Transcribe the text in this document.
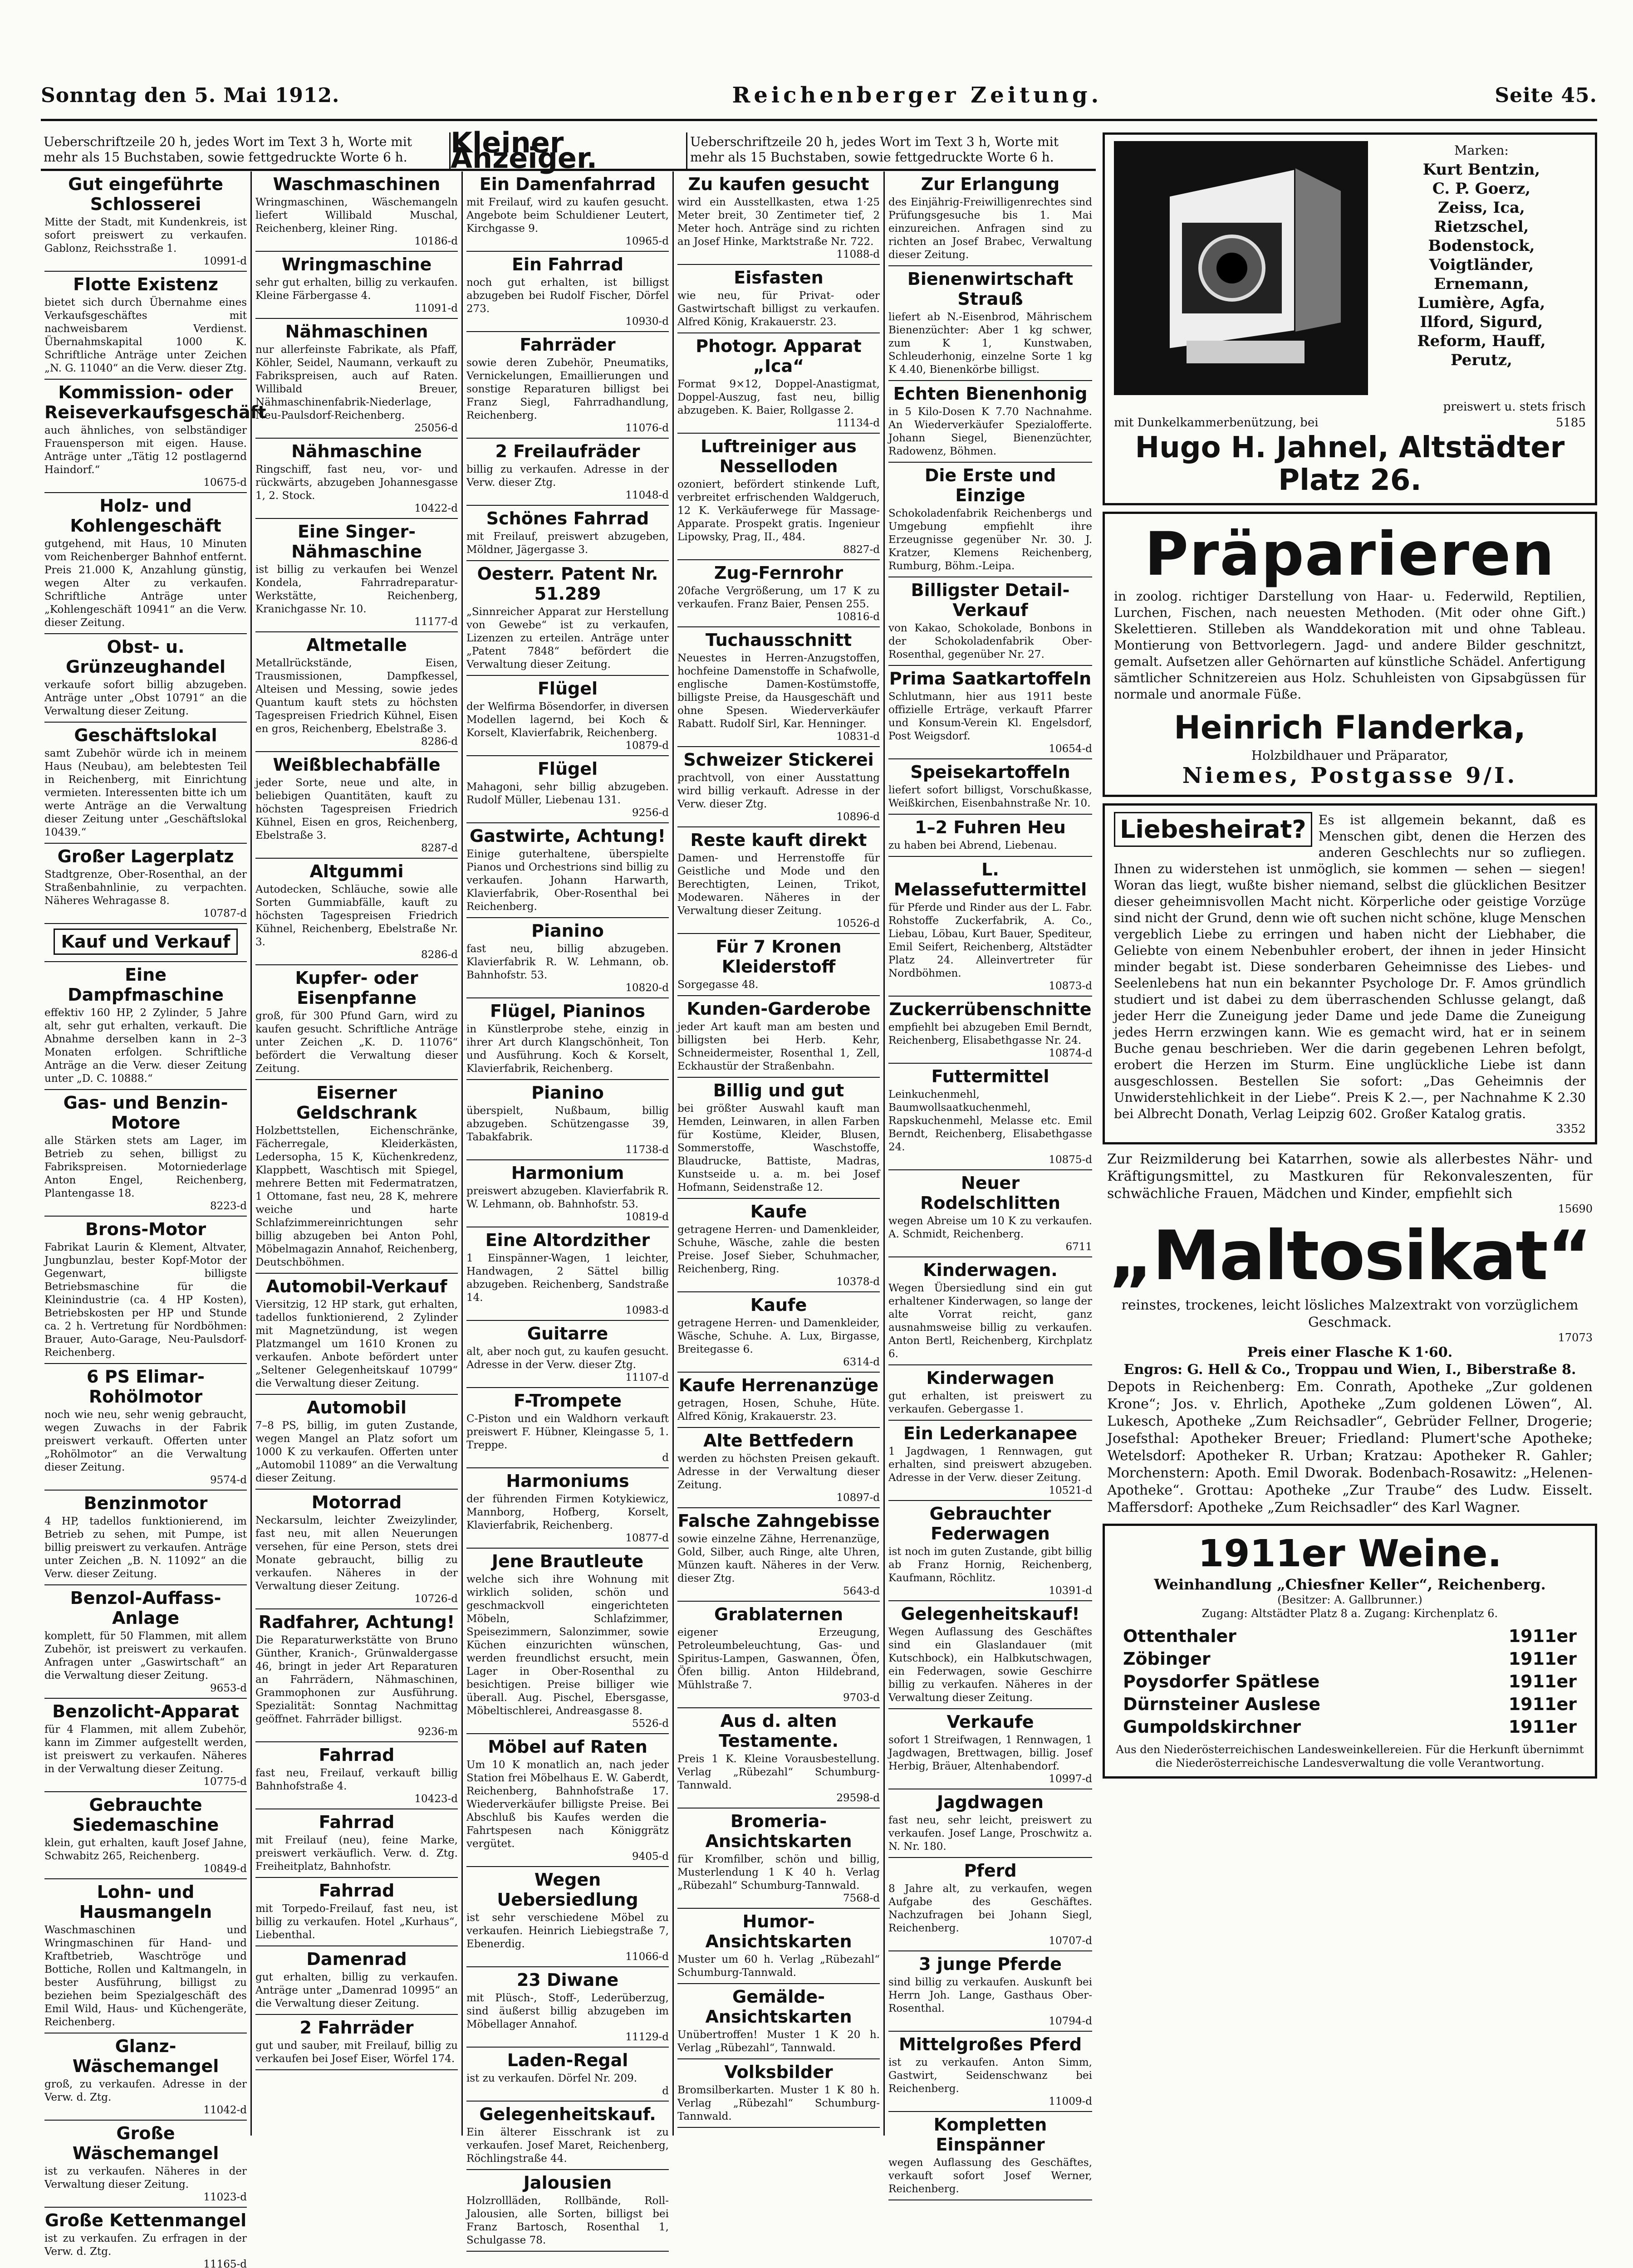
Sonntag den 5. Mai 1912.	Reichenberger Zeitung.	Seite 45.
Ueberschriftzeile 20 h, jedes Wort im Text 3 h, Worte mit mehr als 15 Buchstaben, sowie fettgedruckte Worte 6 h.	Kleiner Anzeiger.	Ueberschriftzeile 20 h, jedes Wort im Text 3 h, Worte mit mehr als 15 Buchstaben, sowie fettgedruckte Worte 6 h.
Gut eingeführte Schlosserei

Mitte der Stadt, mit Kundenkreis, ist sofort preiswert zu verkaufen. Gablonz, Reichsstraße 1.

10991-d
Flotte Existenz

bietet sich durch Übernahme eines Verkaufsgeschäftes mit nachweisbarem Verdienst. Übernahmskapital 1000 K. Schriftliche Anträge unter Zeichen „N. G. 11040“ an die Verw. dieser Ztg.

Kommission- oder Reiseverkaufsgeschäft

auch ähnliches, von selbständiger Frauensperson mit eigen. Hause. Anträge unter „Tätig 12 postlagernd Haindorf.“

10675-d
Holz- und Kohlengeschäft

gutgehend, mit Haus, 10 Minuten vom Reichenberger Bahnhof entfernt. Preis 21.000 K, Anzahlung günstig, wegen Alter zu verkaufen. Schriftliche Anträge unter „Kohlengeschäft 10941“ an die Verw. dieser Zeitung.

Obst- u. Grünzeughandel

verkaufe sofort billig abzugeben. Anträge unter „Obst 10791“ an die Verwaltung dieser Zeitung.

Geschäftslokal

samt Zubehör würde ich in meinem Haus (Neubau), am belebtesten Teil in Reichenberg, mit Einrichtung vermieten. Interessenten bitte ich um werte Anträge an die Verwaltung dieser Zeitung unter „Geschäftslokal 10439.“

Großer Lagerplatz

Stadtgrenze, Ober-Rosenthal, an der Straßenbahnlinie, zu verpachten. Näheres Wehragasse 8.

10787-d
Kauf und Verkauf
Eine Dampfmaschine

effektiv 160 HP, 2 Zylinder, 5 Jahre alt, sehr gut erhalten, verkauft. Die Abnahme derselben kann in 2–3 Monaten erfolgen. Schriftliche Anträge an die Verw. dieser Zeitung unter „D. C. 10888.“

Gas- und Benzin-Motore

alle Stärken stets am Lager, im Betrieb zu sehen, billigst zu Fabrikspreisen. Motorniederlage Anton Engel, Reichenberg, Plantengasse 18.

8223-d
Brons-Motor

Fabrikat Laurin & Klement, Altvater, Jungbunzlau, bester Kopf-Motor der Gegenwart, billigste Betriebsmaschine für die Kleinindustrie (ca. 4 HP Kosten), Betriebskosten per HP und Stunde ca. 2 h. Vertretung für Nordböhmen: Brauer, Auto-Garage, Neu-Paulsdorf-Reichenberg.

6 PS Elimar-Rohölmotor

noch wie neu, sehr wenig gebraucht, wegen Zuwachs in der Fabrik preiswert verkauft. Offerten unter „Rohölmotor“ an die Verwaltung dieser Zeitung.

9574-d
Benzinmotor

4 HP, tadellos funktionierend, im Betrieb zu sehen, mit Pumpe, ist billig preiswert zu verkaufen. Anträge unter Zeichen „B. N. 11092“ an die Verw. dieser Zeitung.

Benzol-Auffass-Anlage

komplett, für 50 Flammen, mit allem Zubehör, ist preiswert zu verkaufen. Anfragen unter „Gaswirtschaft“ an die Verwaltung dieser Zeitung.

9653-d
Benzolicht-Apparat

für 4 Flammen, mit allem Zubehör, kann im Zimmer aufgestellt werden, ist preiswert zu verkaufen. Näheres in der Verwaltung dieser Zeitung.

10775-d
Gebrauchte Siedemaschine

klein, gut erhalten, kauft Josef Jahne, Schwabitz 265, Reichenberg.

10849-d
Lohn- und Hausmangeln

Waschmaschinen und Wringmaschinen für Hand- und Kraftbetrieb, Waschtröge und Bottiche, Rollen und Kaltmangeln, in bester Ausführung, billigst zu beziehen beim Spezialgeschäft des Emil Wild, Haus- und Küchengeräte, Reichenberg.

Glanz-Wäschemangel

groß, zu verkaufen. Adresse in der Verw. d. Ztg.

11042-d
Große Wäschemangel

ist zu verkaufen. Näheres in der Verwaltung dieser Zeitung.

11023-d
Große Kettenmangel

ist zu verkaufen. Zu erfragen in der Verw. d. Ztg.

11165-d
Waschmaschinen

Wringmaschinen, Wäschemangeln liefert Willibald Muschal, Reichenberg, kleiner Ring.

10186-d
Wringmaschine

sehr gut erhalten, billig zu verkaufen. Kleine Färbergasse 4.

11091-d
Nähmaschinen

nur allerfeinste Fabrikate, als Pfaff, Köhler, Seidel, Naumann, verkauft zu Fabrikspreisen, auch auf Raten. Willibald Breuer, Nähmaschinenfabrik-Niederlage, Neu-Paulsdorf-Reichenberg.

25056-d
Nähmaschine

Ringschiff, fast neu, vor- und rückwärts, abzugeben Johannesgasse 1, 2. Stock.

10422-d
Eine Singer-Nähmaschine

ist billig zu verkaufen bei Wenzel Kondela, Fahrradreparatur-Werkstätte, Reichenberg, Kranichgasse Nr. 10.

11177-d
Altmetalle

Metallrückstände, Eisen, Trausmissionen, Dampfkessel, Alteisen und Messing, sowie jedes Quantum kauft stets zu höchsten Tagespreisen Friedrich Kühnel, Eisen en gros, Reichenberg, Ebelstraße 3.

8286-d
Weißblechabfälle

jeder Sorte, neue und alte, in beliebigen Quantitäten, kauft zu höchsten Tagespreisen Friedrich Kühnel, Eisen en gros, Reichenberg, Ebelstraße 3.

8287-d
Altgummi

Autodecken, Schläuche, sowie alle Sorten Gummiabfälle, kauft zu höchsten Tagespreisen Friedrich Kühnel, Reichenberg, Ebelstraße Nr. 3.

8286-d
Kupfer- oder Eisenpfanne

groß, für 300 Pfund Garn, wird zu kaufen gesucht. Schriftliche Anträge unter Zeichen „K. D. 11076“ befördert die Verwaltung dieser Zeitung.

Eiserner Geldschrank

Holzbettstellen, Eichenschränke, Fächerregale, Kleiderkästen, Ledersopha, 15 K, Küchenkredenz, Klappbett, Waschtisch mit Spiegel, mehrere Betten mit Federmatratzen, 1 Ottomane, fast neu, 28 K, mehrere weiche und harte Schlafzimmereinrichtungen sehr billig abzugeben bei Anton Pohl, Möbelmagazin Annahof, Reichenberg, Deutschböhmen.

Automobil-Verkauf

Viersitzig, 12 HP stark, gut erhalten, tadellos funktionierend, 2 Zylinder mit Magnetzündung, ist wegen Platzmangel um 1610 Kronen zu verkaufen. Anbote befördert unter „Seltener Gelegenheitskauf 10799“ die Verwaltung dieser Zeitung.

Automobil

7–8 PS, billig, im guten Zustande, wegen Mangel an Platz sofort um 1000 K zu verkaufen. Offerten unter „Automobil 11089“ an die Verwaltung dieser Zeitung.

Motorrad

Neckarsulm, leichter Zweizylinder, fast neu, mit allen Neuerungen versehen, für eine Person, stets drei Monate gebraucht, billig zu verkaufen. Näheres in der Verwaltung dieser Zeitung.

10726-d
Radfahrer, Achtung!

Die Reparaturwerkstätte von Bruno Günther, Kranich-, Grünwaldergasse 46, bringt in jeder Art Reparaturen an Fahrrädern, Nähmaschinen, Grammophonen zur Ausführung. Spezialität: Sonntag Nachmittag geöffnet. Fahrräder billigst.

9236-m
Fahrrad

fast neu, Freilauf, verkauft billig Bahnhofstraße 4.

10423-d
Fahrrad

mit Freilauf (neu), feine Marke, preiswert verkäuflich. Verw. d. Ztg. Freiheitplatz, Bahnhofstr.

Fahrrad

mit Torpedo-Freilauf, fast neu, ist billig zu verkaufen. Hotel „Kurhaus“, Liebenthal.

Damenrad

gut erhalten, billig zu verkaufen. Anträge unter „Damenrad 10995“ an die Verwaltung dieser Zeitung.

2 Fahrräder

gut und sauber, mit Freilauf, billig zu verkaufen bei Josef Eiser, Wörfel 174.

Ein Damenfahrrad

mit Freilauf, wird zu kaufen gesucht. Angebote beim Schuldiener Leutert, Kirchgasse 9.

10965-d
Ein Fahrrad

noch gut erhalten, ist billigst abzugeben bei Rudolf Fischer, Dörfel 273.

10930-d
Fahrräder

sowie deren Zubehör, Pneumatiks, Vernickelungen, Emaillierungen und sonstige Reparaturen billigst bei Franz Siegl, Fahrradhandlung, Reichenberg.

11076-d
2 Freilaufräder

billig zu verkaufen. Adresse in der Verw. dieser Ztg.

11048-d
Schönes Fahrrad

mit Freilauf, preiswert abzugeben, Möldner, Jägergasse 3.

Oesterr. Patent Nr. 51.289

„Sinnreicher Apparat zur Herstellung von Gewebe“ ist zu verkaufen, Lizenzen zu erteilen. Anträge unter „Patent 7848“ befördert die Verwaltung dieser Zeitung.

Flügel

der Welfirma Bösendorfer, in diversen Modellen lagernd, bei Koch & Korselt, Klavierfabrik, Reichenberg.

10879-d
Flügel

Mahagoni, sehr billig abzugeben. Rudolf Müller, Liebenau 131.

9256-d
Gastwirte, Achtung!

Einige guterhaltene, überspielte Pianos und Orchestrions sind billig zu verkaufen. Johann Harwarth, Klavierfabrik, Ober-Rosenthal bei Reichenberg.

Pianino

fast neu, billig abzugeben. Klavierfabrik R. W. Lehmann, ob. Bahnhofstr. 53.

10820-d
Flügel, Pianinos

in Künstlerprobe stehe, einzig in ihrer Art durch Klangschönheit, Ton und Ausführung. Koch & Korselt, Klavierfabrik, Reichenberg.

Pianino

überspielt, Nußbaum, billig abzugeben. Schützengasse 39, Tabakfabrik.

11738-d
Harmonium

preiswert abzugeben. Klavierfabrik R. W. Lehmann, ob. Bahnhofstr. 53.

10819-d
Eine Altordzither

1 Einspänner-Wagen, 1 leichter, Handwagen, 2 Sättel billig abzugeben. Reichenberg, Sandstraße 14.

10983-d
Guitarre

alt, aber noch gut, zu kaufen gesucht. Adresse in der Verw. dieser Ztg.

11107-d
F-Trompete

C-Piston und ein Waldhorn verkauft preiswert F. Hübner, Kleingasse 5, 1. Treppe.

d
Harmoniums

der führenden Firmen Kotykiewicz, Mannborg, Hofberg, Korselt, Klavierfabrik, Reichenberg.

10877-d
Jene Brautleute

welche sich ihre Wohnung mit wirklich soliden, schön und geschmackvoll eingerichteten Möbeln, Schlafzimmer, Speisezimmern, Salonzimmer, sowie Küchen einzurichten wünschen, werden freundlichst ersucht, mein Lager in Ober-Rosenthal zu besichtigen. Preise billiger wie überall. Aug. Pischel, Ebersgasse, Möbeltischlerei, Andreasgasse 8.

5526-d
Möbel auf Raten

Um 10 K monatlich an, nach jeder Station frei Möbelhaus E. W. Gaberdt, Reichenberg, Bahnhofstraße 17. Wiederverkäufer billigste Preise. Bei Abschluß bis Kaufes werden die Fahrtspesen nach Königgrätz vergütet.

9405-d
Wegen Uebersiedlung

ist sehr verschiedene Möbel zu verkaufen. Heinrich Liebiegstraße 7, Ebenerdig.

11066-d
23 Diwane

mit Plüsch-, Stoff-, Lederüberzug, sind äußerst billig abzugeben im Möbellager Annahof.

11129-d
Laden-Regal

ist zu verkaufen. Dörfel Nr. 209.

d
Gelegenheitskauf.

Ein älterer Eisschrank ist zu verkaufen. Josef Maret, Reichenberg, Röchlingstraße 44.

Jalousien

Holzrollläden, Rollbände, Roll-Jalousien, alle Sorten, billigst bei Franz Bartosch, Rosenthal 1, Schulgasse 78.

Zu kaufen gesucht

wird ein Ausstellkasten, etwa 1·25 Meter breit, 30 Zentimeter tief, 2 Meter hoch. Anträge sind zu richten an Josef Hinke, Marktstraße Nr. 722.

11088-d
Eisfasten

wie neu, für Privat- oder Gastwirtschaft billigst zu verkaufen. Alfred König, Krakauerstr. 23.

Photogr. Apparat „Ica“

Format 9×12, Doppel-Anastigmat, Doppel-Auszug, fast neu, billig abzugeben. K. Baier, Rollgasse 2.

11134-d
Luftreiniger aus Nesselloden

ozoniert, befördert stinkende Luft, verbreitet erfrischenden Waldgeruch, 12 K. Verkäuferwege für Massage-Apparate. Prospekt gratis. Ingenieur Lipowsky, Prag, II., 484.

8827-d
Zug-Fernrohr

20fache Vergrößerung, um 17 K zu verkaufen. Franz Baier, Pensen 255.

10816-d
Tuchausschnitt

Neuestes in Herren-Anzugstoffen, hochfeine Damenstoffe in Schafwolle, englische Damen-Kostümstoffe, billigste Preise, da Hausgeschäft und ohne Spesen. Wiederverkäufer Rabatt. Rudolf Sirl, Kar. Henninger.

10831-d
Schweizer Stickerei

prachtvoll, von einer Ausstattung wird billig verkauft. Adresse in der Verw. dieser Ztg.

10896-d
Reste kauft direkt

Damen- und Herrenstoffe für Geistliche und Mode und den Berechtigten, Leinen, Trikot, Modewaren. Näheres in der Verwaltung dieser Zeitung.

10526-d
Für 7 Kronen Kleiderstoff

Sorgegasse 48.

Kunden-Garderobe

jeder Art kauft man am besten und billigsten bei Herb. Kehr, Schneidermeister, Rosenthal 1, Zell, Eckhaustür der Straßenbahn.

Billig und gut

bei größter Auswahl kauft man Hemden, Leinwaren, in allen Farben für Kostüme, Kleider, Blusen, Sommerstoffe, Waschstoffe, Blaudrucke, Battiste, Madras, Kunstseide u. a. m. bei Josef Hofmann, Seidenstraße 12.

Kaufe

getragene Herren- und Damenkleider, Schuhe, Wäsche, zahle die besten Preise. Josef Sieber, Schuhmacher, Reichenberg, Ring.

10378-d
Kaufe

getragene Herren- und Damenkleider, Wäsche, Schuhe. A. Lux, Birgasse, Breitegasse 6.

6314-d
Kaufe Herrenanzüge

getragen, Hosen, Schuhe, Hüte. Alfred König, Krakauerstr. 23.

Alte Bettfedern

werden zu höchsten Preisen gekauft. Adresse in der Verwaltung dieser Zeitung.

10897-d
Falsche Zahngebisse

sowie einzelne Zähne, Herrenanzüge, Gold, Silber, auch Ringe, alte Uhren, Münzen kauft. Näheres in der Verw. dieser Ztg.

5643-d
Grablaternen

eigener Erzeugung, Petroleumbeleuchtung, Gas- und Spiritus-Lampen, Gaswannen, Öfen, Öfen billig. Anton Hildebrand, Mühlstraße 7.

9703-d
Aus d. alten Testamente.

Preis 1 K. Kleine Vorausbestellung. Verlag „Rübezahl“ Schumburg-Tannwald.

29598-d
Bromeria-Ansichtskarten

für Kromfilber, schön und billig, Musterlendung 1 K 40 h. Verlag „Rübezahl“ Schumburg-Tannwald.

7568-d
Humor-Ansichtskarten

Muster um 60 h. Verlag „Rübezahl“ Schumburg-Tannwald.

Gemälde-Ansichtskarten

Unübertroffen! Muster 1 K 20 h. Verlag „Rübezahl“, Tannwald.

Volksbilder

Bromsilberkarten. Muster 1 K 80 h. Verlag „Rübezahl“ Schumburg-Tannwald.

Zur Erlangung

des Einjährig-Freiwilligenrechtes sind Prüfungsgesuche bis 1. Mai einzureichen. Anfragen sind zu richten an Josef Brabec, Verwaltung dieser Zeitung.

Bienenwirtschaft Strauß

liefert ab N.-Eisenbrod, Mährischem Bienenzüchter: Aber 1 kg schwer, zum K 1, Kunstwaben, Schleuderhonig, einzelne Sorte 1 kg K 4.40, Bienenkörbe billigst.

Echten Bienenhonig

in 5 Kilo-Dosen K 7.70 Nachnahme. An Wiederverkäufer Spezialofferte. Johann Siegel, Bienenzüchter, Radowenz, Böhmen.

Die Erste und Einzige

Schokoladenfabrik Reichenbergs und Umgebung empfiehlt ihre Erzeugnisse gegenüber Nr. 30. J. Kratzer, Klemens Reichenberg, Rumburg, Böhm.-Leipa.

Billigster Detail-Verkauf

von Kakao, Schokolade, Bonbons in der Schokoladenfabrik Ober-Rosenthal, gegenüber Nr. 27.

Prima Saatkartoffeln

Schlutmann, hier aus 1911 beste offizielle Erträge, verkauft Pfarrer und Konsum-Verein Kl. Engelsdorf, Post Weigsdorf.

10654-d
Speisekartoffeln

liefert sofort billigst, Vorschußkasse, Weißkirchen, Eisenbahnstraße Nr. 10.

1–2 Fuhren Heu

zu haben bei Abrend, Liebenau.

L. Melassefuttermittel

für Pferde und Rinder aus der L. Fabr. Rohstoffe Zuckerfabrik, A. Co., Liebau, Löbau, Kurt Bauer, Spediteur, Emil Seifert, Reichenberg, Altstädter Platz 24. Alleinvertreter für Nordböhmen.

10873-d
Zuckerrübenschnitte

empfiehlt bei abzugeben Emil Berndt, Reichenberg, Elisabethgasse Nr. 24.

10874-d
Futtermittel

Leinkuchenmehl, Baumwollsaatkuchenmehl, Rapskuchenmehl, Melasse etc. Emil Berndt, Reichenberg, Elisabethgasse 24.

10875-d
Neuer Rodelschlitten

wegen Abreise um 10 K zu verkaufen. A. Schmidt, Reichenberg.

6711
Kinderwagen.

Wegen Übersiedlung sind ein gut erhaltener Kinderwagen, so lange der alte Vorrat reicht, ganz ausnahmsweise billig zu verkaufen. Anton Bertl, Reichenberg, Kirchplatz 6.

Kinderwagen

gut erhalten, ist preiswert zu verkaufen. Gebergasse 1.

Ein Lederkanapee

1 Jagdwagen, 1 Rennwagen, gut erhalten, sind preiswert abzugeben. Adresse in der Verw. dieser Zeitung.

10521-d
Gebrauchter Federwagen

ist noch im guten Zustande, gibt billig ab Franz Hornig, Reichenberg, Kaufmann, Röchlitz.

10391-d
Gelegenheitskauf!

Wegen Auflassung des Geschäftes sind ein Glaslandauer (mit Kutschbock), ein Halbkutschwagen, ein Federwagen, sowie Geschirre billig zu verkaufen. Näheres in der Verwaltung dieser Zeitung.

Verkaufe

sofort 1 Streifwagen, 1 Rennwagen, 1 Jagdwagen, Brettwagen, billig. Josef Herbig, Bräuer, Altenhabendorf.

10997-d
Jagdwagen

fast neu, sehr leicht, preiswert zu verkaufen. Josef Lange, Proschwitz a. N. Nr. 180.

Pferd

8 Jahre alt, zu verkaufen, wegen Aufgabe des Geschäftes. Nachzufragen bei Johann Siegl, Reichenberg.

10707-d
3 junge Pferde

sind billig zu verkaufen. Auskunft bei Herrn Joh. Lange, Gasthaus Ober-Rosenthal.

10794-d
Mittelgroßes Pferd

ist zu verkaufen. Anton Simm, Gastwirt, Seidenschwanz bei Reichenberg.

11009-d
Kompletten Einspänner

wegen Auflassung des Geschäftes, verkauft sofort Josef Werner, Reichenberg.

Marken:
Kurt Bentzin,
C. P. Goerz,
Zeiss, Ica,
Rietzschel,
Bodenstock,
Voigtländer,
Ernemann,
Lumière, Agfa,
Ilford, Sigurd,
Reform, Hauff,
Perutz,
preiswert u. stets frisch
mit Dunkelkammerbenützung, bei	5185
Hugo H. Jahnel, Altstädter Platz 26.
Präparieren

in zoolog. richtiger Darstellung von Haar- u. Federwild, Reptilien, Lurchen, Fischen, nach neuesten Methoden. (Mit oder ohne Gift.) Skelettieren. Stilleben als Wanddekoration mit und ohne Tableau. Montierung von Bettvorlegern. Jagd- und andere Bilder geschnitzt, gemalt. Aufsetzen aller Gehörnarten auf künstliche Schädel. Anfertigung sämtlicher Schnitzereien aus Holz. Schuhleisten von Gipsabgüssen für normale und anormale Füße.

Heinrich Flanderka,
Holzbildhauer und Präparator,
Niemes, Postgasse 9/I.
Liebesheirat? Es ist allgemein bekannt, daß es Menschen gibt, denen die Herzen des anderen Geschlechts nur so zufliegen. Ihnen zu widerstehen ist unmöglich, sie kommen — sehen — siegen! Woran das liegt, wußte bisher niemand, selbst die glücklichen Besitzer dieser geheimnisvollen Macht nicht. Körperliche oder geistige Vorzüge sind nicht der Grund, denn wie oft suchen nicht schöne, kluge Menschen vergeblich Liebe zu erringen und haben nicht der Liebhaber, die Geliebte von einem Nebenbuhler erobert, der ihnen in jeder Hinsicht minder begabt ist. Diese sonderbaren Geheimnisse des Liebes- und Seelenlebens hat nun ein bekannter Psychologe Dr. F. Amos gründlich studiert und ist dabei zu dem überraschenden Schlusse gelangt, daß jeder Herr die Zuneigung jeder Dame und jede Dame die Zuneigung jedes Herrn erzwingen kann. Wie es gemacht wird, hat er in seinem Buche genau beschrieben. Wer die darin gegebenen Lehren befolgt, erobert die Herzen im Sturm. Eine unglückliche Liebe ist dann ausgeschlossen. Bestellen Sie sofort: „Das Geheimnis der Unwiderstehlichkeit in der Liebe“. Preis K 2.—, per Nachnahme K 2.30 bei Albrecht Donath, Verlag Leipzig 602. Großer Katalog gratis.

3352

Zur Reizmilderung bei Katarrhen, sowie als allerbestes Nähr- und Kräftigungsmittel, zu Mastkuren für Rekonvaleszenten, für schwächliche Frauen, Mädchen und Kinder, empfiehlt sich

15690
„Maltosikat“

reinstes, trockenes, leicht lösliches Malzextrakt von vorzüglichem Geschmack.

17073

Preis einer Flasche K 1·60.

Engros: G. Hell & Co., Troppau und Wien, I., Biberstraße 8.

Depots in Reichenberg: Em. Conrath, Apotheke „Zur goldenen Krone“; Jos. v. Ehrlich, Apotheke „Zum goldenen Löwen“, Al. Lukesch, Apotheke „Zum Reichsadler“, Gebrüder Fellner, Drogerie; Josefsthal: Apotheker Breuer; Friedland: Plumert'sche Apotheke; Wetelsdorf: Apotheker R. Urban; Kratzau: Apotheker R. Gahler; Morchenstern: Apoth. Emil Dworak. Bodenbach-Rosawitz: „Helenen-Apotheke“. Grottau: Apotheke „Zur Traube“ des Ludw. Eisselt. Maffersdorf: Apotheke „Zum Reichsadler“ des Karl Wagner.

1911er Weine.
Weinhandlung „Chiesfner Keller“, Reichenberg.
(Besitzer: A. Gallbrunner.)
Zugang: Altstädter Platz 8 a. Zugang: Kirchenplatz 6.
Ottenthaler	1911er
Zöbinger	1911er
Poysdorfer Spätlese	1911er
Dürnsteiner Auslese	1911er
Gumpoldskirchner	1911er
Aus den Niederösterreichischen Landesweinkellereien. Für die Herkunft übernimmt die Niederösterreichische Landesverwaltung die volle Verantwortung.
